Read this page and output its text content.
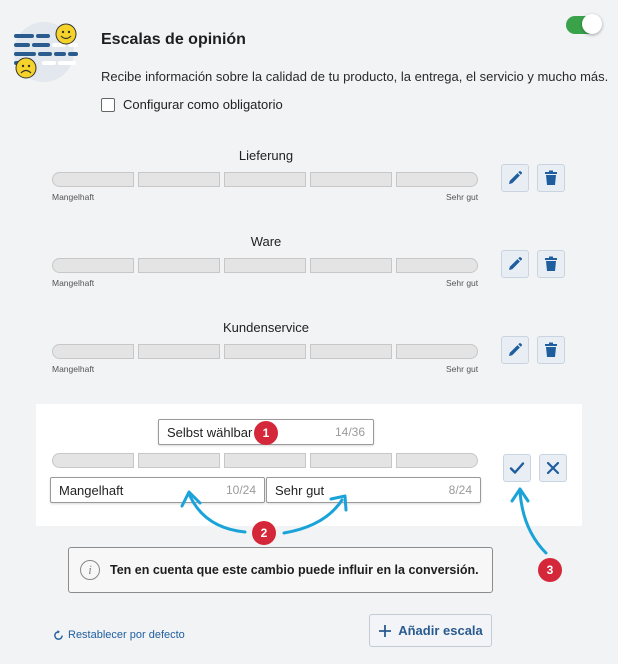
Escalas de opinión
Recibe información sobre la calidad de tu producto, la entrega, el servicio y mucho más.
Configurar como obligatorio
Lieferung
Mangelhaft	Sehr gut
Ware
Mangelhaft	Sehr gut
Kundenservice
Mangelhaft	Sehr gut
Selbst wählbar	14/36
Mangelhaft	10/24 Sehr gut	8/24
1
2
3
i	Ten en cuenta que este cambio puede influir en la conversión.
Restablecer por defecto	Añadir escala
